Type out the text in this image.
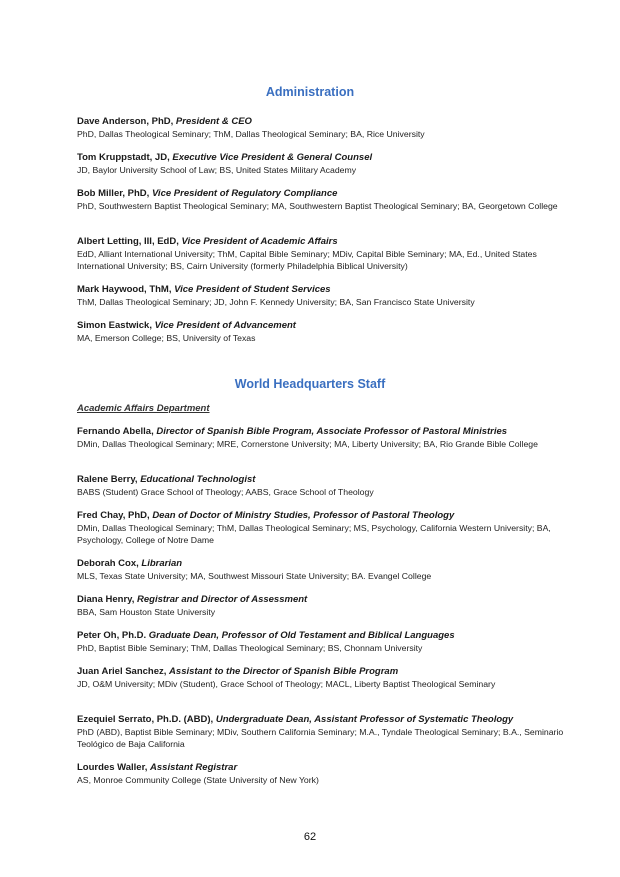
Administration
Dave Anderson, PhD, President & CEO
PhD, Dallas Theological Seminary; ThM, Dallas Theological Seminary; BA, Rice University
Tom Kruppstadt, JD, Executive Vice President & General Counsel
JD, Baylor University School of Law; BS, United States Military Academy
Bob Miller, PhD, Vice President of Regulatory Compliance
PhD, Southwestern Baptist Theological Seminary; MA, Southwestern Baptist Theological Seminary; BA, Georgetown College
Albert Letting, III, EdD, Vice President of Academic Affairs
EdD, Alliant International University; ThM, Capital Bible Seminary; MDiv, Capital Bible Seminary; MA, Ed., United States International University; BS, Cairn University (formerly Philadelphia Biblical University)
Mark Haywood, ThM, Vice President of Student Services
ThM, Dallas Theological Seminary; JD, John F. Kennedy University; BA, San Francisco State University
Simon Eastwick, Vice President of Advancement
MA, Emerson College; BS, University of Texas
World Headquarters Staff
Academic Affairs Department
Fernando Abella, Director of Spanish Bible Program, Associate Professor of Pastoral Ministries
DMin, Dallas Theological Seminary; MRE, Cornerstone University; MA, Liberty University; BA, Rio Grande Bible College
Ralene Berry, Educational Technologist
BABS (Student) Grace School of Theology; AABS, Grace School of Theology
Fred Chay, PhD, Dean of Doctor of Ministry Studies, Professor of Pastoral Theology
DMin, Dallas Theological Seminary; ThM, Dallas Theological Seminary; MS, Psychology, California Western University; BA, Psychology, College of Notre Dame
Deborah Cox, Librarian
MLS, Texas State University; MA, Southwest Missouri State University; BA. Evangel College
Diana Henry, Registrar and Director of Assessment
BBA, Sam Houston State University
Peter Oh, Ph.D. Graduate Dean, Professor of Old Testament and Biblical Languages
PhD, Baptist Bible Seminary; ThM, Dallas Theological Seminary; BS, Chonnam University
Juan Ariel Sanchez, Assistant to the Director of Spanish Bible Program
JD, O&M University; MDiv (Student), Grace School of Theology; MACL, Liberty Baptist Theological Seminary
Ezequiel Serrato, Ph.D. (ABD), Undergraduate Dean, Assistant Professor of Systematic Theology
PhD (ABD), Baptist Bible Seminary; MDiv, Southern California Seminary; M.A., Tyndale Theological Seminary; B.A., Seminario Teológico de Baja California
Lourdes Waller, Assistant Registrar
AS, Monroe Community College (State University of New York)
62
